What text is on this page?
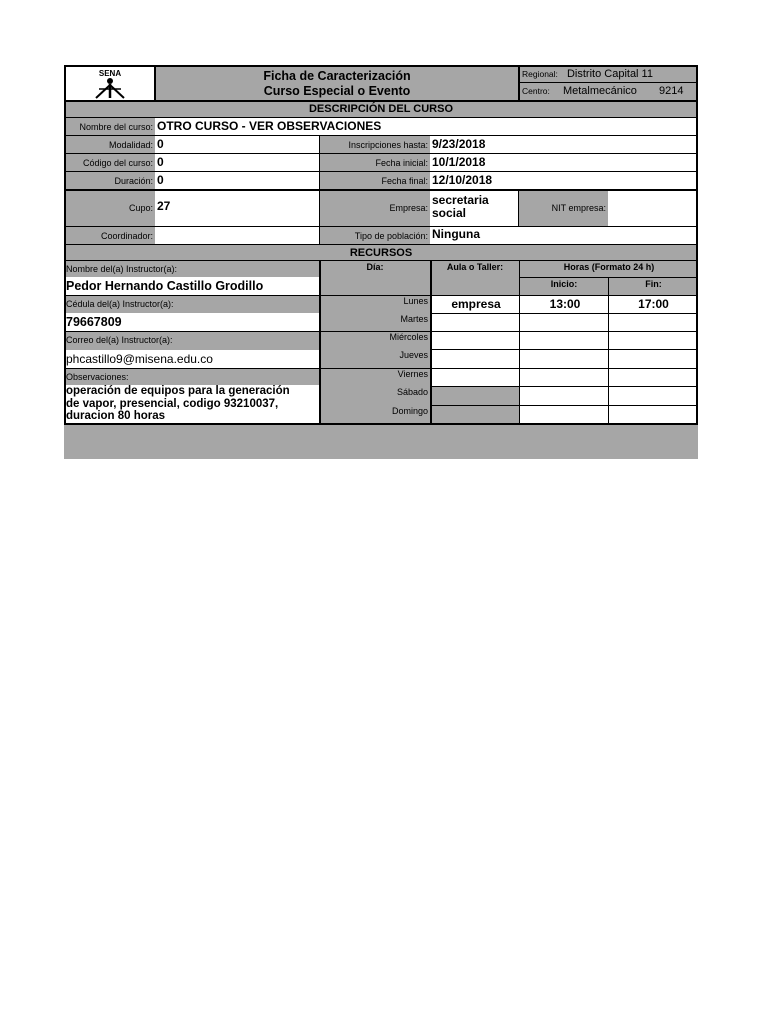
SENA	Ficha de Caracterización
Curso Especial o Evento
Regional: Distrito Capital 11
Centro: Metalmecánico 9214
DESCRIPCIÓN DEL CURSO
Nombre del curso: OTRO CURSO - VER OBSERVACIONES
Modalidad: 0
Código del curso: 0
Duración: 0
Cupo: 27
Coordinador:
Inscripciones hasta: 9/23/2018
Fecha inicial: 10/1/2018
Fecha final: 12/10/2018
Empresa:
secretaria
social	NIT empresa:
Tipo de población: Ninguna
RECURSOS
Nombre del(a) Instructor(a):
Pedor Hernando Castillo Grodillo
Cédula del(a) Instructor(a):
79667809
Correo del(a) Instructor(a):
phcastillo9@misena.edu.co
Observaciones:
operación de equipos para la generación
de vapor, presencial, codigo 93210037,
duracion 80 horas
Día:	Aula o Taller:	Horas (Formato 24 h)
Inicio:	Fin:
Lunes	empresa	13:00	17:00
Martes
Miércoles
Jueves
Viernes
Sábado
Domingo
